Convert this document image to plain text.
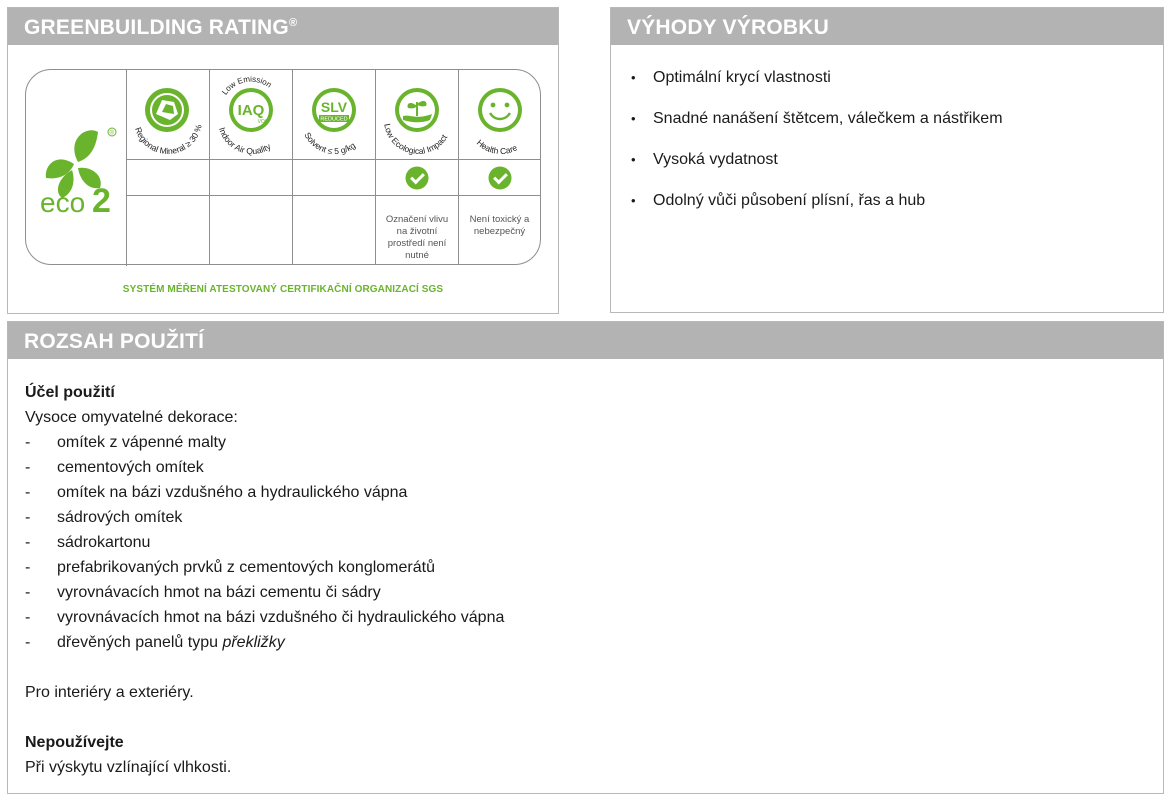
GREENBUILDING RATING®
®
eco 2
Regional Mineral ≥ 30 %
IAQ
VOC
Low Emission
Indoor Air Quality
SLV
REDUCED
Solvent ≤ 5 g/kg
Low Ecological Impact
Health Care
Označení vlivu na životní prostředí není nutné
Není toxický a nebezpečný
SYSTÉM MĚŘENÍ ATESTOVANÝ CERTIFIKAČNÍ ORGANIZACÍ SGS
VÝHODY VÝROBKU
• Optimální krycí vlastnosti
• Snadné nanášení štětcem, válečkem a nástřikem
• Vysoká vydatnost
• Odolný vůči působení plísní, řas a hub
ROZSAH POUŽITÍ
Účel použití
Vysoce omyvatelné dekorace:
- omítek z vápenné malty
- cementových omítek
- omítek na bázi vzdušného a hydraulického vápna
- sádrových omítek
- sádrokartonu
- prefabrikovaných prvků z cementových konglomerátů
- vyrovnávacích hmot na bázi cementu či sádry
- vyrovnávacích hmot na bázi vzdušného či hydraulického vápna
- dřevěných panelů typu překližky
Pro interiéry a exteriéry.
Nepoužívejte
Při výskytu vzlínající vlhkosti.
